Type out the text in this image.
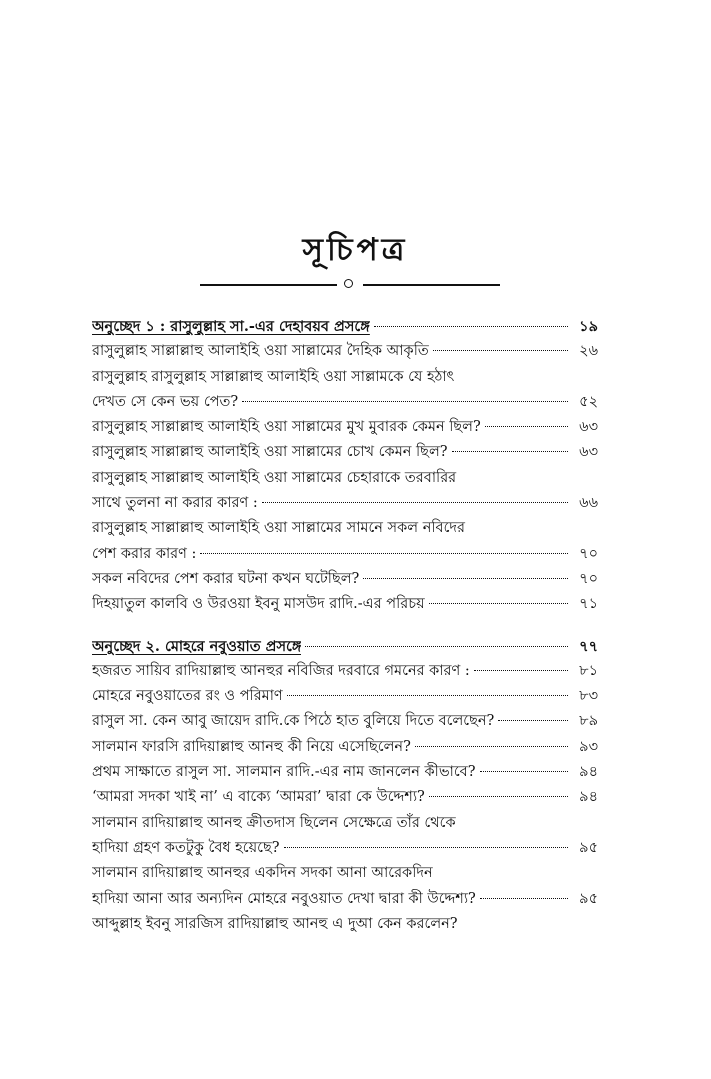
সূচিপত্র
অনুচ্ছেদ ১ : রাসুলুল্লাহ সা.-এর দেহাবয়ব প্রসঙ্গে	১৯
রাসুলুল্লাহ সাল্লাল্লাহু আলাইহি ওয়া সাল্লামের দৈহিক আকৃতি	২৬
রাসুলুল্লাহ রাসুলুল্লাহ সাল্লাল্লাহু আলাইহি ওয়া সাল্লামকে যে হঠাৎ
দেখত সে কেন ভয় পেত?	৫২
রাসুলুল্লাহ সাল্লাল্লাহু আলাইহি ওয়া সাল্লামের মুখ মুবারক কেমন ছিল?	৬৩
রাসুলুল্লাহ সাল্লাল্লাহু আলাইহি ওয়া সাল্লামের চোখ কেমন ছিল?	৬৩
রাসুলুল্লাহ সাল্লাল্লাহু আলাইহি ওয়া সাল্লামের চেহারাকে তরবারির
সাথে তুলনা না করার কারণ :	৬৬
রাসুলুল্লাহ সাল্লাল্লাহু আলাইহি ওয়া সাল্লামের সামনে সকল নবিদের
পেশ করার কারণ :	৭০
সকল নবিদের পেশ করার ঘটনা কখন ঘটেছিল?	৭০
দিহয়াতুল কালবি ও উরওয়া ইবনু মাসউদ রাদি.-এর পরিচয়	৭১
অনুচ্ছেদ ২. মোহরে নবুওয়াত প্রসঙ্গে	৭৭
হজরত সায়িব রাদিয়াল্লাহু আনহুর নবিজির দরবারে গমনের কারণ :	৮১
মোহরে নবুওয়াতের রং ও পরিমাণ	৮৩
রাসুল সা. কেন আবু জায়েদ রাদি.কে পিঠে হাত বুলিয়ে দিতে বলেছেন?	৮৯
সালমান ফারসি রাদিয়াল্লাহু আনহু কী নিয়ে এসেছিলেন?	৯৩
প্রথম সাক্ষাতে রাসুল সা. সালমান রাদি.-এর নাম জানলেন কীভাবে?	৯৪
‘আমরা সদকা খাই না’ এ বাক্যে ‘আমরা’ দ্বারা কে উদ্দেশ্য?	৯৪
সালমান রাদিয়াল্লাহু আনহু ক্রীতদাস ছিলেন সেক্ষেত্রে তাঁর থেকে
হাদিয়া গ্রহণ কতটুকু বৈধ হয়েছে?	৯৫
সালমান রাদিয়াল্লাহু আনহুর একদিন সদকা আনা আরেকদিন
হাদিয়া আনা আর অন্যদিন মোহরে নবুওয়াত দেখা দ্বারা কী উদ্দেশ্য?	৯৫
আব্দুল্লাহ ইবনু সারজিস রাদিয়াল্লাহু আনহু এ দুআ কেন করলেন?
